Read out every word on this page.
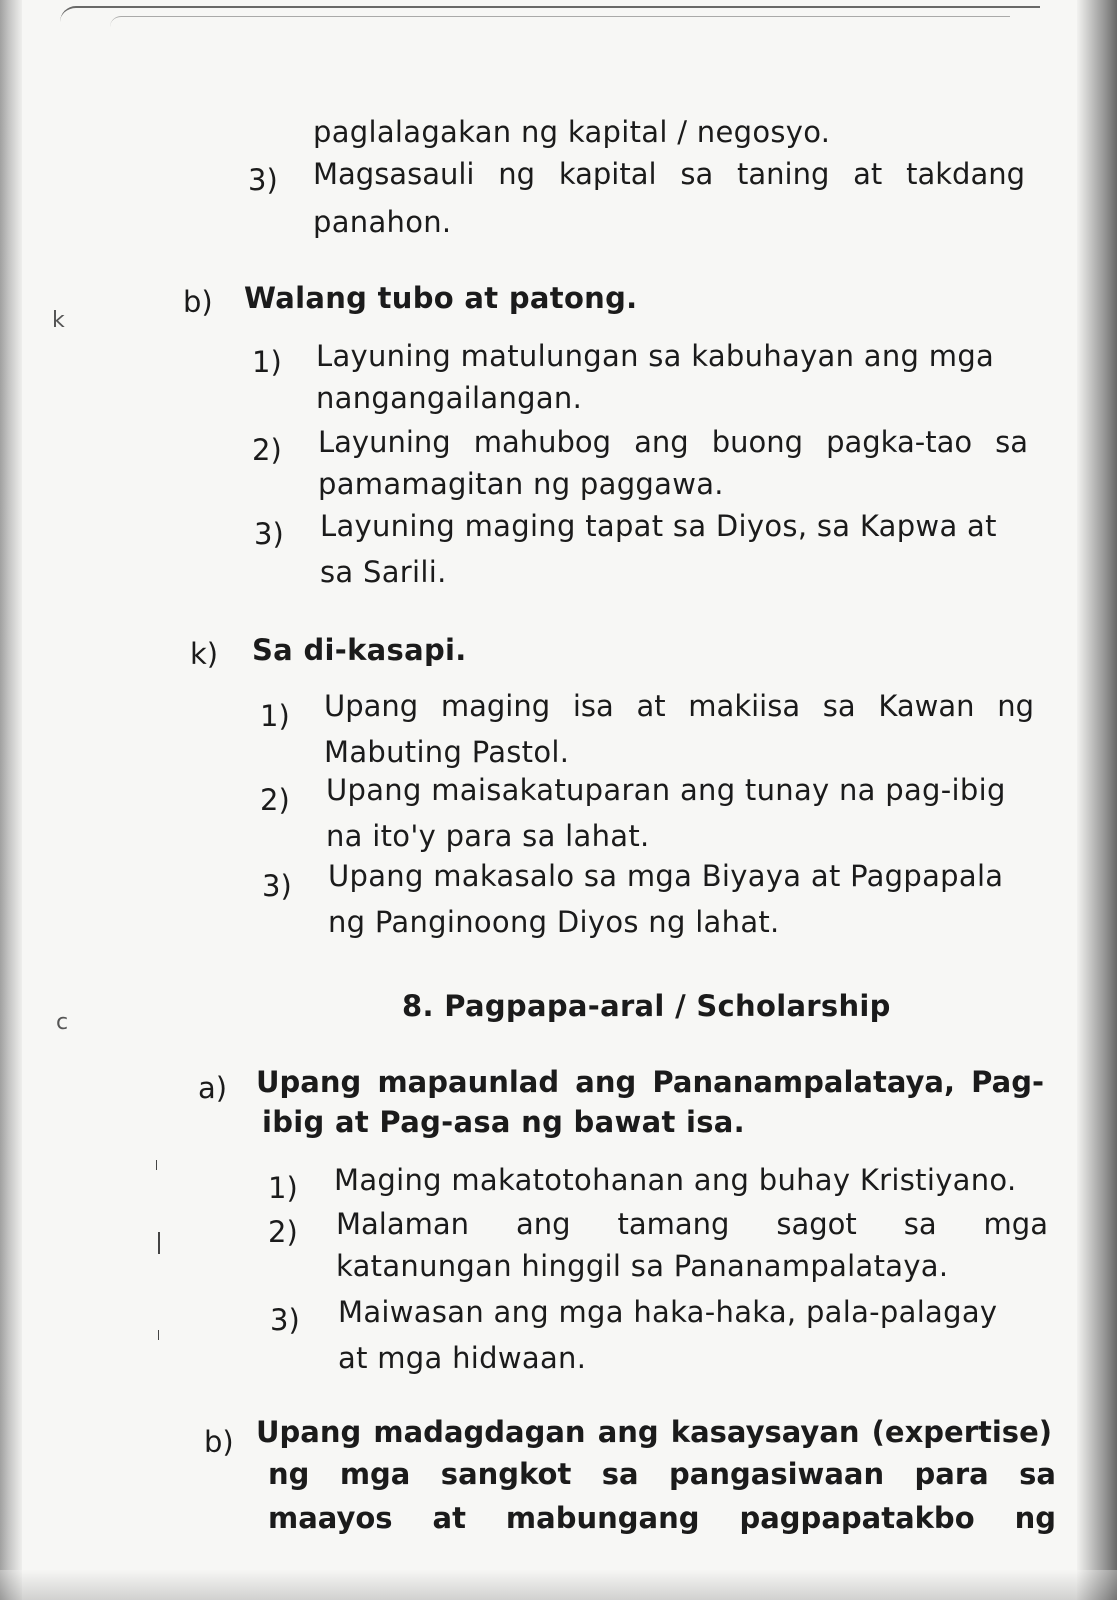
k
c
paglalagakan ng kapital / negosyo.
3) Magsasauli ng kapital sa taning at takdang
panahon.
b) Walang tubo at patong.
1) Layuning matulungan sa kabuhayan ang mga
nangangailangan.
2) Layuning mahubog ang buong pagka-tao sa
pamamagitan ng paggawa.
3) Layuning maging tapat sa Diyos, sa Kapwa at
sa Sarili.
k) Sa di-kasapi.
1) Upang maging isa at makiisa sa Kawan ng
Mabuting Pastol.
2) Upang maisakatuparan ang tunay na pag-ibig
na ito'y para sa lahat.
3) Upang makasalo sa mga Biyaya at Pagpapala
ng Panginoong Diyos ng lahat.
8. Pagpapa-aral / Scholarship
a) Upang mapaunlad ang Pananampalataya, Pag-
ibig at Pag-asa ng bawat isa.
1) Maging makatotohanan ang buhay Kristiyano.
2) Malaman ang tamang sagot sa mga
katanungan hinggil sa Pananampalataya.
3) Maiwasan ang mga haka-haka, pala-palagay
at mga hidwaan.
b) Upang madagdagan ang kasaysayan (expertise)
ng mga sangkot sa pangasiwaan para sa
maayos at mabungang pagpapatakbo ng
